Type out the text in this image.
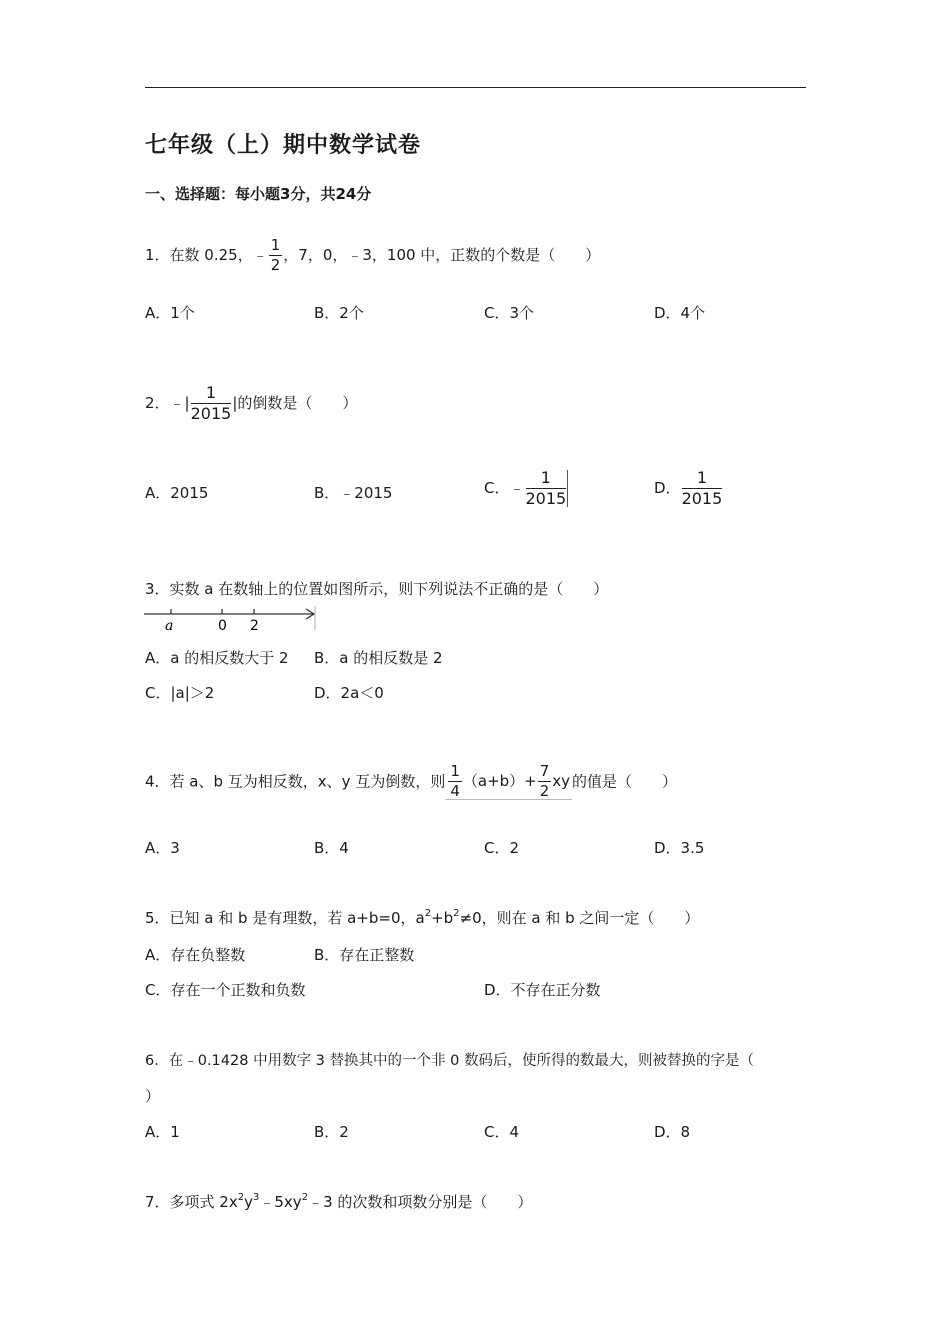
七年级（上）期中数学试卷
一、选择题：每小题3分，共24分
1．在数 0.25，﹣ $\frac{1}{2}$ ，7，0，﹣3，100 中，正数的个数是（　　）
A．1个	B．2个	C．3个	D．4个
2．﹣| $\frac{1}{2015}$ |的倒数是（　　）
A．2015	B．﹣2015	C．﹣ $\frac{1}{2015}$	D． $\frac{1}{2015}$
3．实数 a 在数轴上的位置如图所示，则下列说法不正确的是（　　）
a	0 2
A．a 的相反数大于 2 B．a 的相反数是 2
C．|a|＞2	D．2a＜0
4．若 a、b 互为相反数，x、y 互为倒数，则 $\frac{1}{4} (a+b)+ \frac{7}{2}$ xy 的值是（　　）
A．3	B．4	C．2	D．3.5
5．已知 a 和 b 是有理数，若 a+b=0，$a^2+b^2\ne 0$，则在 a 和 b 之间一定（　　）
A．存在负整数	B．存在正整数
C．存在一个正数和负数	D．不存在正分数
6．在﹣0.1428 中用数字 3 替换其中的一个非 0 数码后，使所得的数最大，则被替换的字是（
）
A．1	B．2	C．4	D．8
7．多项式 $2x^2y^3﹣5xy^2﹣3$ 的次数和项数分别是（　　）
